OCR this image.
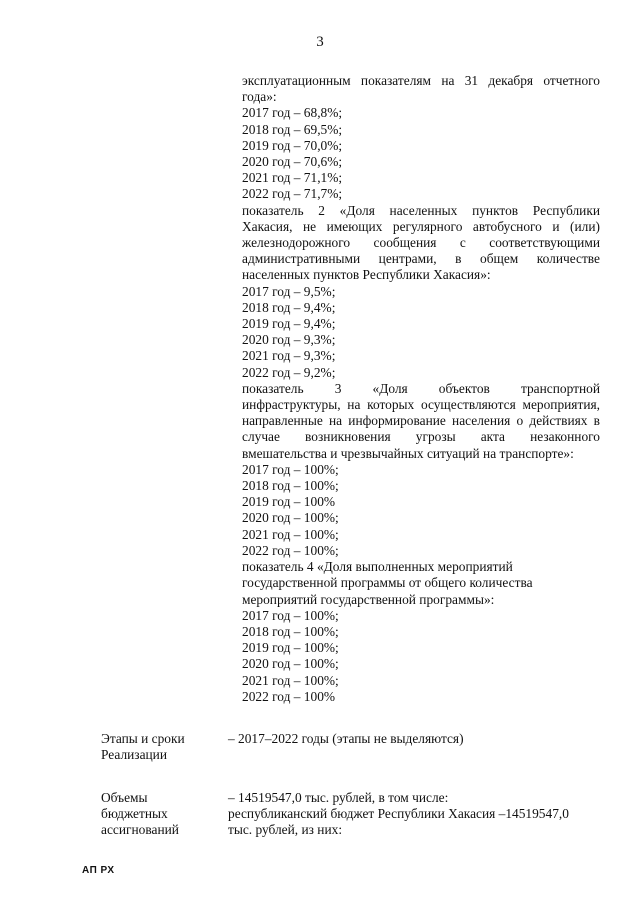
3
эксплуатационным показателям на 31 декабря отчетного
года»:
2017 год – 68,8%;
2018 год – 69,5%;
2019 год – 70,0%;
2020 год – 70,6%;
2021 год – 71,1%;
2022 год – 71,7%;
показатель 2 «Доля населенных пунктов Республики
Хакасия, не имеющих регулярного автобусного и (или)
железнодорожного сообщения с соответствующими
административными центрами, в общем количестве
населенных пунктов Республики Хакасия»:
2017 год – 9,5%;
2018 год – 9,4%;
2019 год – 9,4%;
2020 год – 9,3%;
2021 год – 9,3%;
2022 год – 9,2%;
показатель 3 «Доля объектов транспортной
инфраструктуры, на которых осуществляются мероприятия,
направленные на информирование населения о действиях в
случае возникновения угрозы акта незаконного
вмешательства и чрезвычайных ситуаций на транспорте»:
2017 год – 100%;
2018 год – 100%;
2019 год – 100%
2020 год – 100%;
2021 год – 100%;
2022 год – 100%;
показатель 4 «Доля выполненных мероприятий
государственной программы от общего количества
мероприятий государственной программы»:
2017 год – 100%;
2018 год – 100%;
2019 год – 100%;
2020 год – 100%;
2021 год – 100%;
2022 год – 100%
Этапы и сроки
Реализации
– 2017–2022 годы (этапы не выделяются)
Объемы
бюджетных
ассигнований
– 14519547,0 тыс. рублей, в том числе:
республиканский бюджет Республики Хакасия –14519547,0
тыс. рублей, из них:
АП РХ
